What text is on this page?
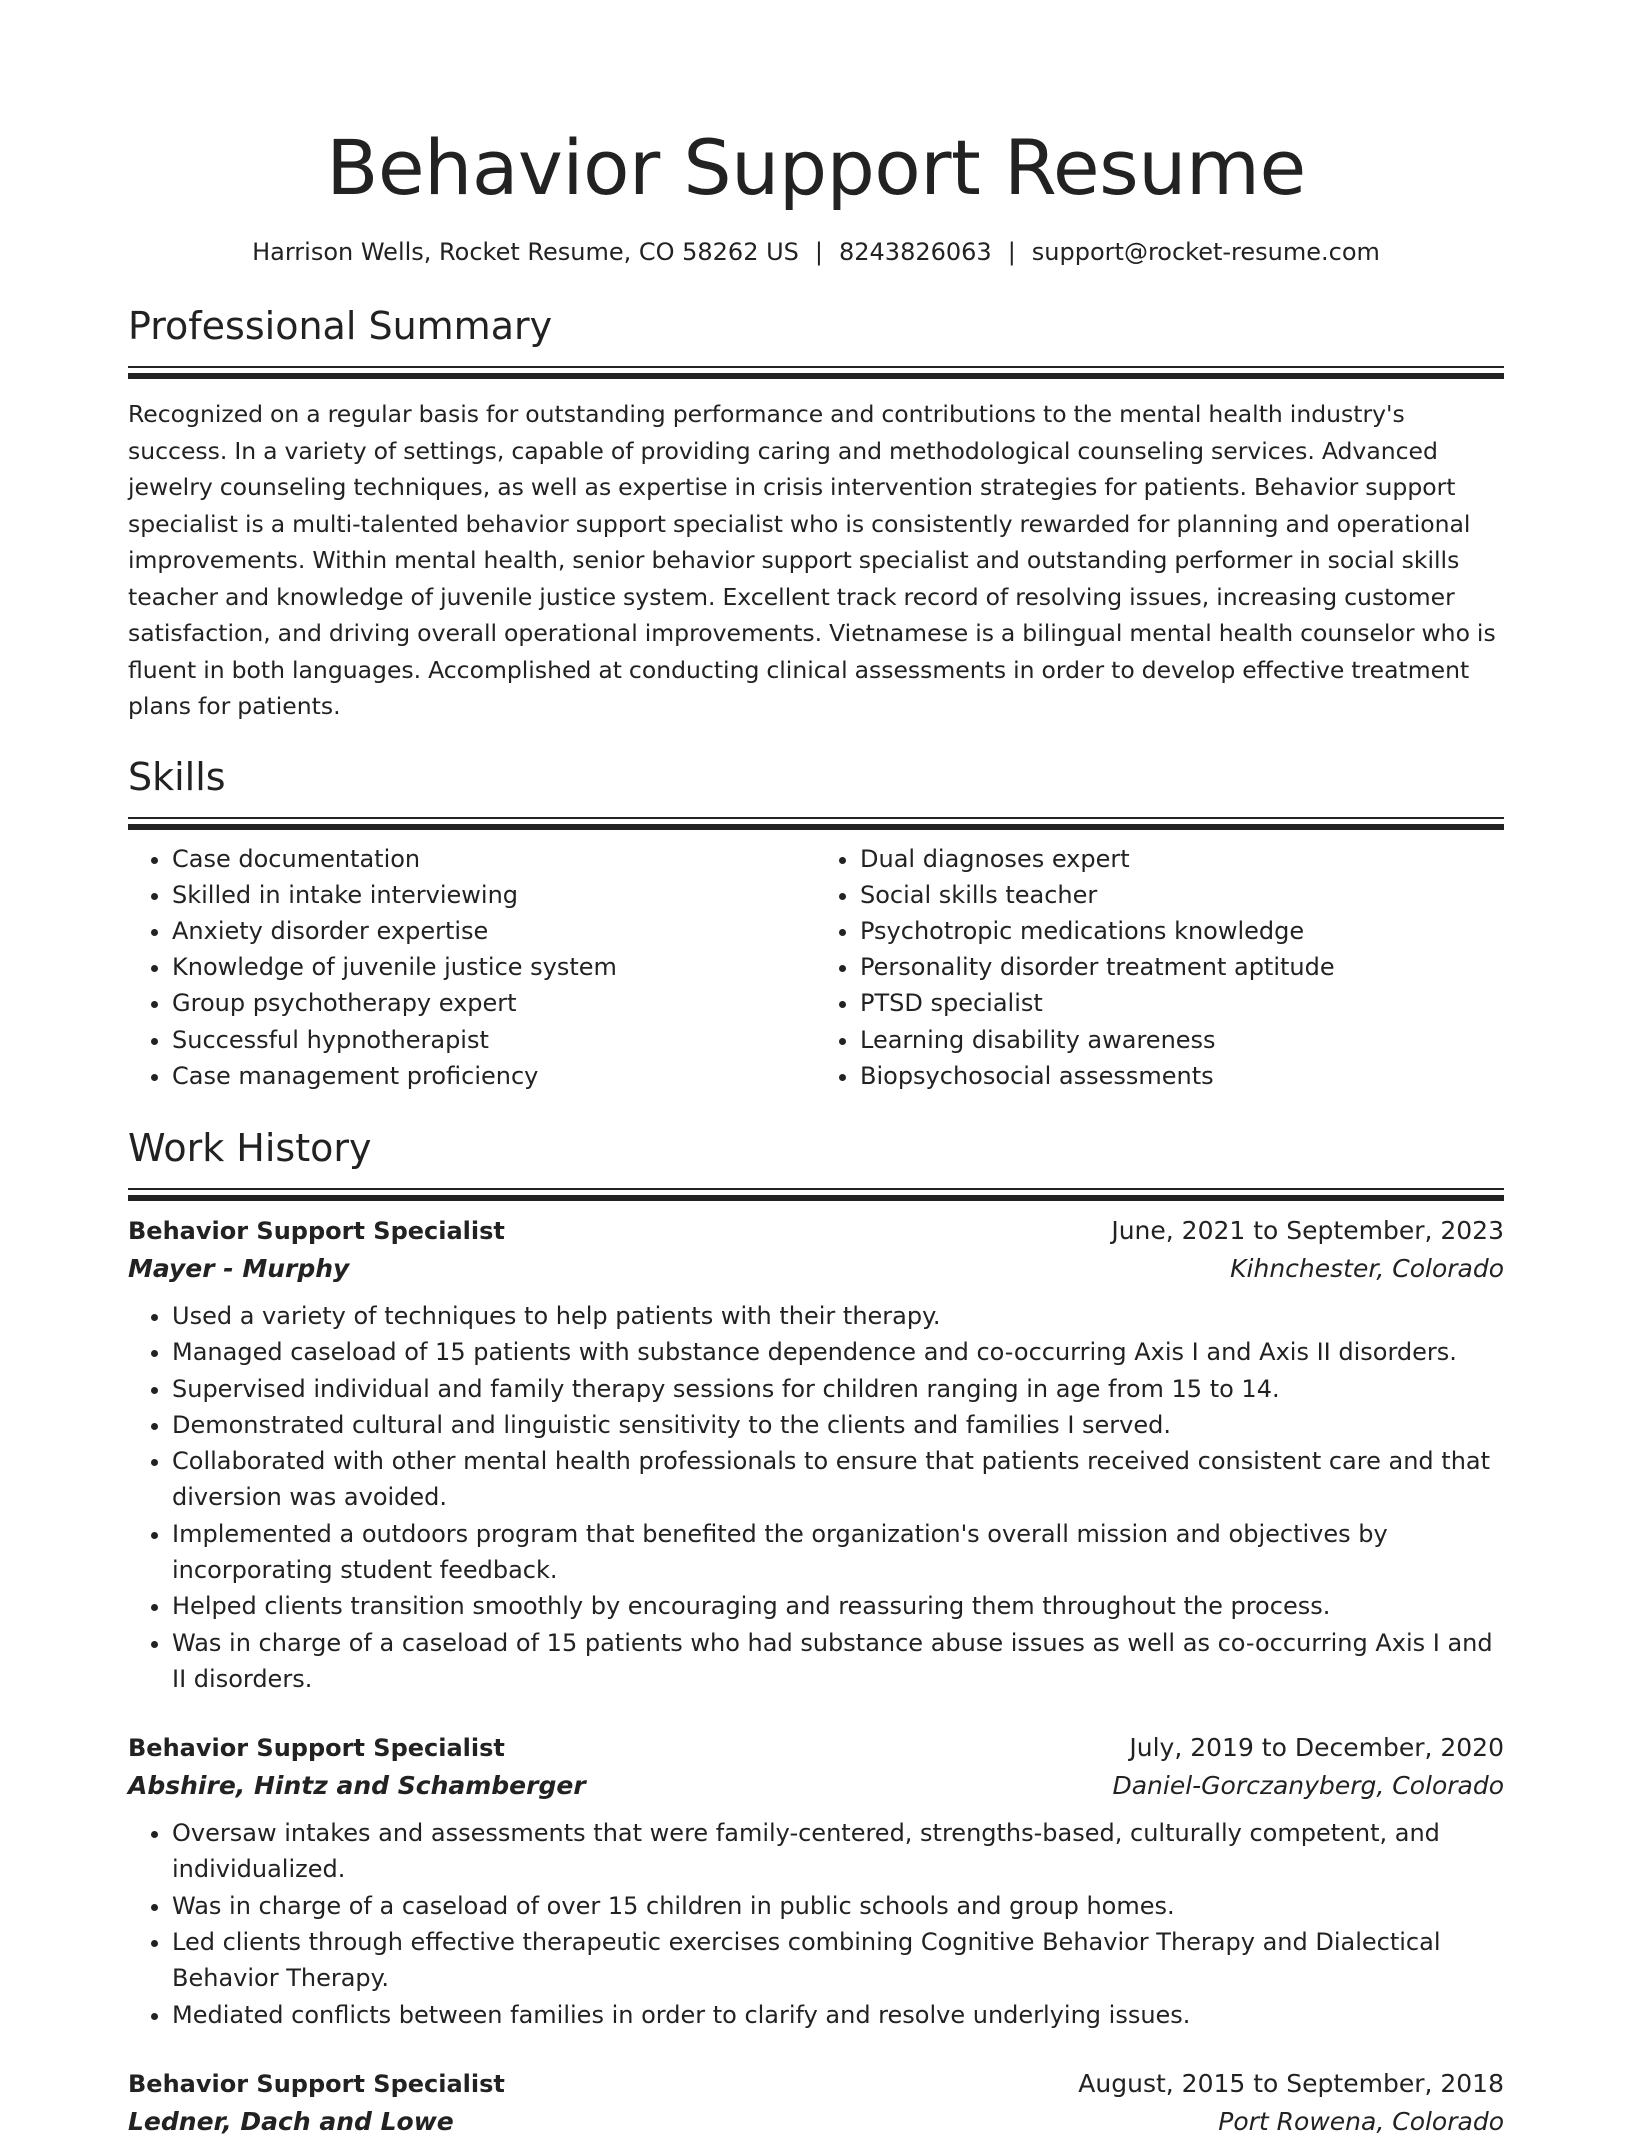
Behavior Support Resume
Harrison Wells, Rocket Resume, CO 58262 US | 8243826063 | support@rocket-resume.com
Professional Summary

Recognized on a regular basis for outstanding performance and contributions to the mental health industry's success. In a variety of settings, capable of providing caring and methodological counseling services. Advanced jewelry counseling techniques, as well as expertise in crisis intervention strategies for patients. Behavior support specialist is a multi-talented behavior support specialist who is consistently rewarded for planning and operational improvements. Within mental health, senior behavior support specialist and outstanding performer in social skills teacher and knowledge of juvenile justice system. Excellent track record of resolving issues, increasing customer satisfaction, and driving overall operational improvements. Vietnamese is a bilingual mental health counselor who is fluent in both languages. Accomplished at conducting clinical assessments in order to develop effective treatment plans for patients.

Skills
• Case documentation
• Skilled in intake interviewing
• Anxiety disorder expertise
• Knowledge of juvenile justice system
• Group psychotherapy expert
• Successful hypnotherapist
• Case management proficiency
• Dual diagnoses expert
• Social skills teacher
• Psychotropic medications knowledge
• Personality disorder treatment aptitude
• PTSD specialist
• Learning disability awareness
• Biopsychosocial assessments
Work History
Behavior Support Specialist	June, 2021 to September, 2023
Mayer - Murphy	Kihnchester, Colorado
• Used a variety of techniques to help patients with their therapy.
• Managed caseload of 15 patients with substance dependence and co-occurring Axis I and Axis II disorders.
• Supervised individual and family therapy sessions for children ranging in age from 15 to 14.
• Demonstrated cultural and linguistic sensitivity to the clients and families I served.
• Collaborated with other mental health professionals to ensure that patients received consistent care and that diversion was avoided.
• Implemented a outdoors program that benefited the organization's overall mission and objectives by incorporating student feedback.
• Helped clients transition smoothly by encouraging and reassuring them throughout the process.
• Was in charge of a caseload of 15 patients who had substance abuse issues as well as co-occurring Axis I and II disorders.
Behavior Support Specialist	July, 2019 to December, 2020
Abshire, Hintz and Schamberger	Daniel-Gorczanyberg, Colorado
• Oversaw intakes and assessments that were family-centered, strengths-based, culturally competent, and individualized.
• Was in charge of a caseload of over 15 children in public schools and group homes.
• Led clients through effective therapeutic exercises combining Cognitive Behavior Therapy and Dialectical Behavior Therapy.
• Mediated conflicts between families in order to clarify and resolve underlying issues.
Behavior Support Specialist	August, 2015 to September, 2018
Ledner, Dach and Lowe	Port Rowena, Colorado
